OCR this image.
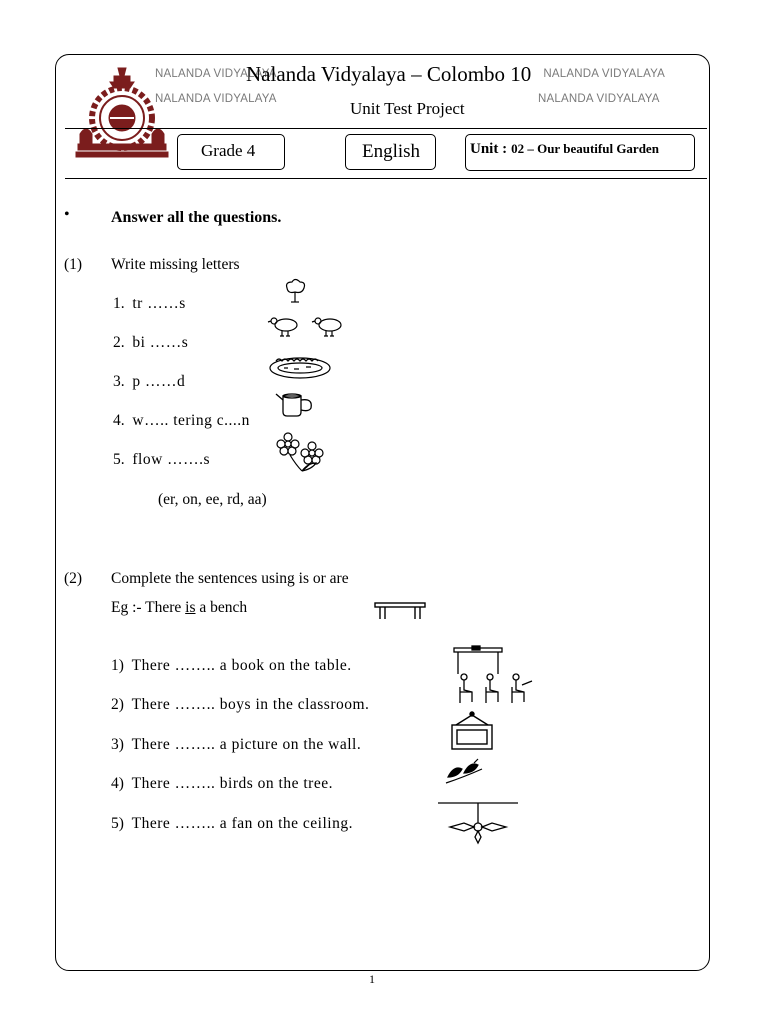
NALANDA VIDYALAYA
NALANDA VIDYALAYA
NALANDA VIDYALAYA
NALANDA VIDYALAYA
Nalanda Vidyalaya – Colombo 10
Unit Test Project
Grade 4	English	Unit : 02 – Our beautiful Garden
•	Answer all the questions.
(1) Write missing letters
1. tr ……s
2. bi ……s
3. p ……d
4. w….. tering c....n
5. flow …….s
(er, on, ee, rd, aa)
(2) Complete the sentences using is or are
Eg :- There is a bench
1) There …….. a book on the table.
2) There …….. boys in the classroom.
3) There …….. a picture on the wall.
4) There …….. birds on the tree.
5) There …….. a fan on the ceiling.
1
